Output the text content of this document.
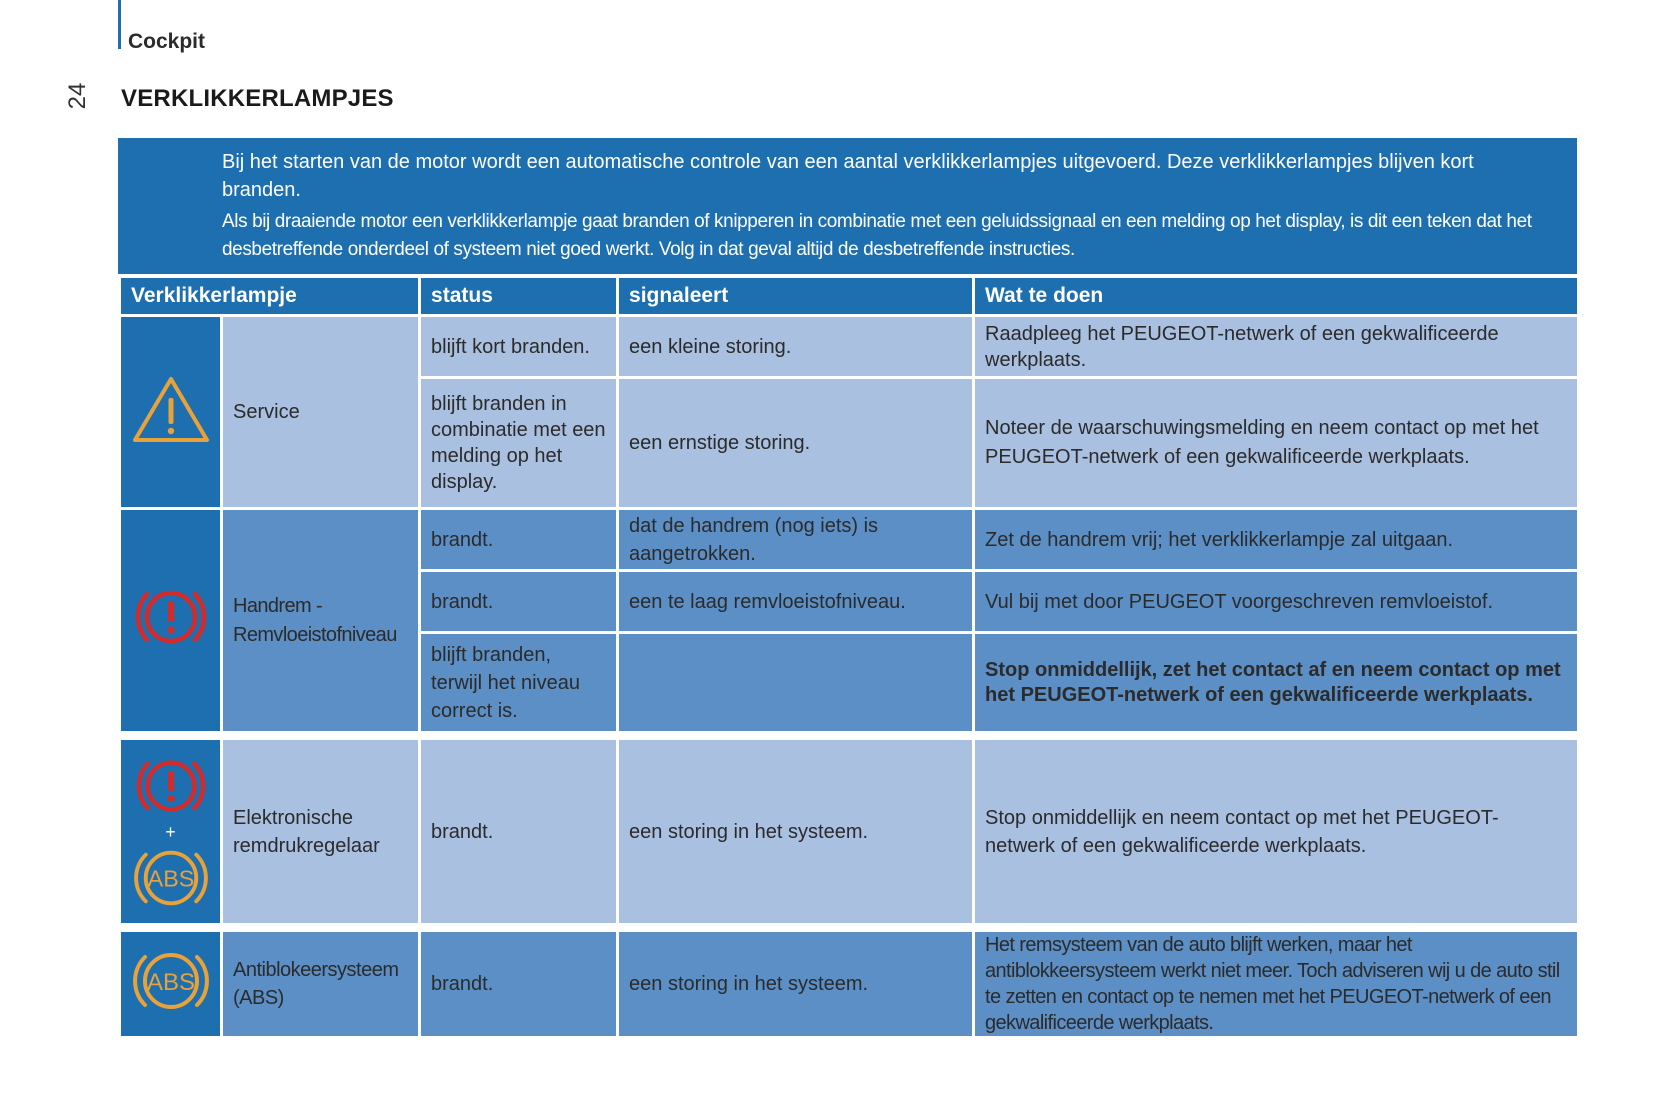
Cockpit
24 VERKLIKKERLAMPJES

Bij het starten van de motor wordt een automatische controle van een aantal verklikkerlampjes uitgevoerd. Deze verklikkerlampjes blijven kort branden.

Als bij draaiende motor een verklikkerlampje gaat branden of knipperen in combinatie met een geluidssignaal en een melding op het display, is dit een teken dat het desbetreffende onderdeel of systeem niet goed werkt. Volg in dat geval altijd de desbetreffende instructies.

Verklikkerlampje		status	signaleert	Wat te doen
	Service	blijft kort branden.	een kleine storing.	Raadpleeg het PEUGEOT-netwerk of een gekwalificeerde werkplaats.
		blijft branden in combinatie met een melding op het display.	een ernstige storing.	Noteer de waarschuwingsmelding en neem contact op met het PEUGEOT-netwerk of een gekwalificeerde werkplaats.
	Handrem - Remvloeistofniveau	brandt.	dat de handrem (nog iets) is aangetrokken.	Zet de handrem vrij; het verklikkerlampje zal uitgaan.
		brandt.	een te laag remvloeistofniveau.	Vul bij met door PEUGEOT voorgeschreven remvloeistof.
		blijft branden, terwijl het niveau correct is.		Stop onmiddellijk, zet het contact af en neem contact op met het PEUGEOT-netwerk of een gekwalificeerde werkplaats.

+
ABS	Elektronische remdrukregelaar	brandt.	een storing in het systeem.	Stop onmiddellijk en neem contact op met het PEUGEOT-netwerk of een gekwalificeerde werkplaats.

ABS	Antiblokeersysteem (ABS)	brandt.	een storing in het systeem.	Het remsysteem van de auto blijft werken, maar het antiblokkeersysteem werkt niet meer. Toch adviseren wij u de auto stil te zetten en contact op te nemen met het PEUGEOT-netwerk of een gekwalificeerde werkplaats.
